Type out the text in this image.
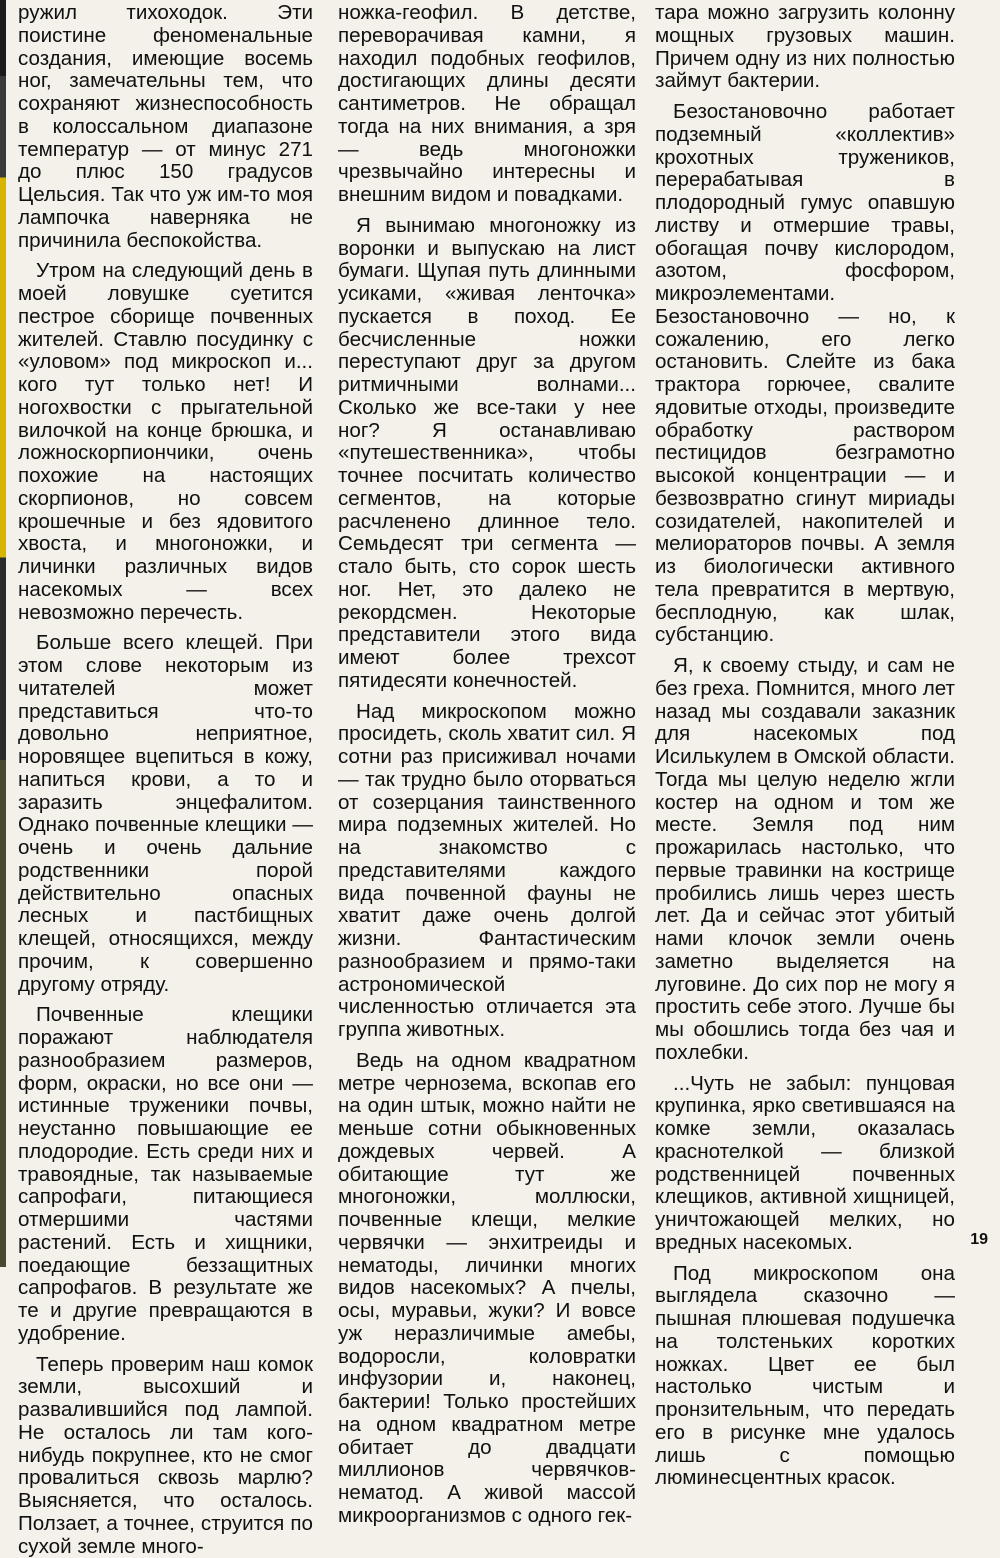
ружил тихоходок. Эти поистине феноменальные создания, имеющие восемь ног, замечательны тем, что сохраняют жизнеспособность в колоссальном диапазоне температур — от минус 271 до плюс 150 градусов Цельсия. Так что уж им-то моя лампочка наверняка не причинила беспокойства.

Утром на следующий день в моей ловушке суетится пестрое сборище почвенных жителей. Ставлю посудинку с «уловом» под микроскоп и... кого тут только нет! И ногохвостки с прыгательной вилочкой на конце брюшка, и ложноскорпиончики, очень похожие на настоящих скорпионов, но совсем крошечные и без ядовитого хвоста, и многоножки, и личинки различных видов насекомых — всех невозможно перечесть.

Больше всего клещей. При этом слове некоторым из читателей может представиться что-то довольно неприятное, норовящее вцепиться в кожу, напиться крови, а то и заразить энцефалитом. Однако почвенные клещики — очень и очень дальние родственники порой действительно опасных лесных и пастбищных клещей, относящихся, между прочим, к совершенно другому отряду.

Почвенные клещики поражают наблюдателя разнообразием размеров, форм, окраски, но все они — истинные труженики почвы, неустанно повышающие ее плодородие. Есть среди них и травоядные, так называемые сапрофаги, питающиеся отмершими частями растений. Есть и хищники, поедающие беззащитных сапрофагов. В результате же те и другие превращаются в удобрение.

Теперь проверим наш комок земли, высохший и развалившийся под лампой. Не осталось ли там кого-нибудь покрупнее, кто не смог провалиться сквозь марлю? Выясняется, что осталось. Ползает, а точнее, струится по сухой земле много-

ножка-геофил. В детстве, переворачивая камни, я находил подобных геофилов, достигающих длины десяти сантиметров. Не обращал тогда на них внимания, а зря — ведь многоножки чрезвычайно интересны и внешним видом и повадками.

Я вынимаю многоножку из воронки и выпускаю на лист бумаги. Щупая путь длинными усиками, «живая ленточка» пускается в поход. Ее бесчисленные ножки переступают друг за другом ритмичными волнами... Сколько же все-таки у нее ног? Я останавливаю «путешественника», чтобы точнее посчитать количество сегментов, на которые расчленено длинное тело. Семьдесят три сегмента — стало быть, сто сорок шесть ног. Нет, это далеко не рекордсмен. Некоторые представители этого вида имеют более трехсот пятидесяти конечностей.

Над микроскопом можно просидеть, сколь хватит сил. Я сотни раз присиживал ночами — так трудно было оторваться от созерцания таинственного мира подземных жителей. Но на знакомство с представителями каждого вида почвенной фауны не хватит даже очень долгой жизни. Фантастическим разнообразием и прямо-таки астрономической численностью отличается эта группа животных.

Ведь на одном квадратном метре чернозема, вскопав его на один штык, можно найти не меньше сотни обыкновенных дождевых червей. А обитающие тут же многоножки, моллюски, почвенные клещи, мелкие червячки — энхитреиды и нематоды, личинки многих видов насекомых? А пчелы, осы, муравьи, жуки? И вовсе уж неразличимые амебы, водоросли, коловратки инфузории и, наконец, бактерии! Только простейших на одном квадратном метре обитает до двадцати миллионов червячков-нематод. А живой массой микроорганизмов с одного гек-

тара можно загрузить колонну мощных грузовых машин. Причем одну из них полностью займут бактерии.

Безостановочно работает подземный «коллектив» крохотных тружеников, перерабатывая в плодородный гумус опавшую листву и отмершие травы, обогащая почву кислородом, азотом, фосфором, микроэлементами. Безостановочно — но, к сожалению, его легко остановить. Слейте из бака трактора горючее, свалите ядовитые отходы, произведите обработку раствором пестицидов безграмотно высокой концентрации — и безвозвратно сгинут мириады созидателей, накопителей и мелиораторов почвы. А земля из биологически активного тела превратится в мертвую, бесплодную, как шлак, субстанцию.

Я, к своему стыду, и сам не без греха. Помнится, много лет назад мы создавали заказник для насекомых под Исилькулем в Омской области. Тогда мы целую неделю жгли костер на одном и том же месте. Земля под ним прожарилась настолько, что первые травинки на кострище пробились лишь через шесть лет. Да и сейчас этот убитый нами клочок земли очень заметно выделяется на луговине. До сих пор не могу я простить себе этого. Лучше бы мы обошлись тогда без чая и похлебки.

...Чуть не забыл: пунцовая крупинка, ярко светившаяся на комке земли, оказалась краснотелкой — близкой родственницей почвенных клещиков, активной хищницей, уничтожающей мелких, но вредных насекомых.

Под микроскопом она выглядела сказочно — пышная плюшевая подушечка на толстеньких коротких ножках. Цвет ее был настолько чистым и пронзительным, что передать его в рисунке мне удалось лишь с помощью люминесцентных красок.

19
